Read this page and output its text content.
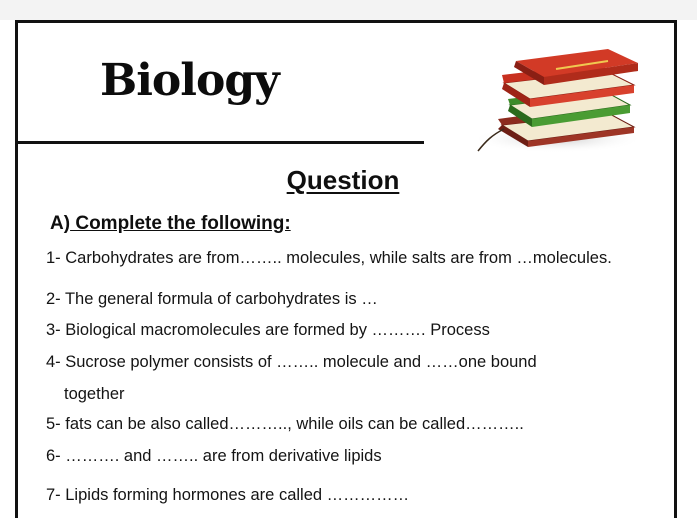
Biology
Question
A) Complete the following:
1- Carbohydrates are from…….. molecules, while salts are from …molecules.
2- The general formula of carbohydrates is …
3- Biological macromolecules are formed by ………. Process
4- Sucrose polymer consists of …….. molecule and ……one bound
together
5- fats can be also called……….., while oils can be called………..
6- ………. and …….. are from derivative lipids
7- Lipids forming hormones are called ……………
